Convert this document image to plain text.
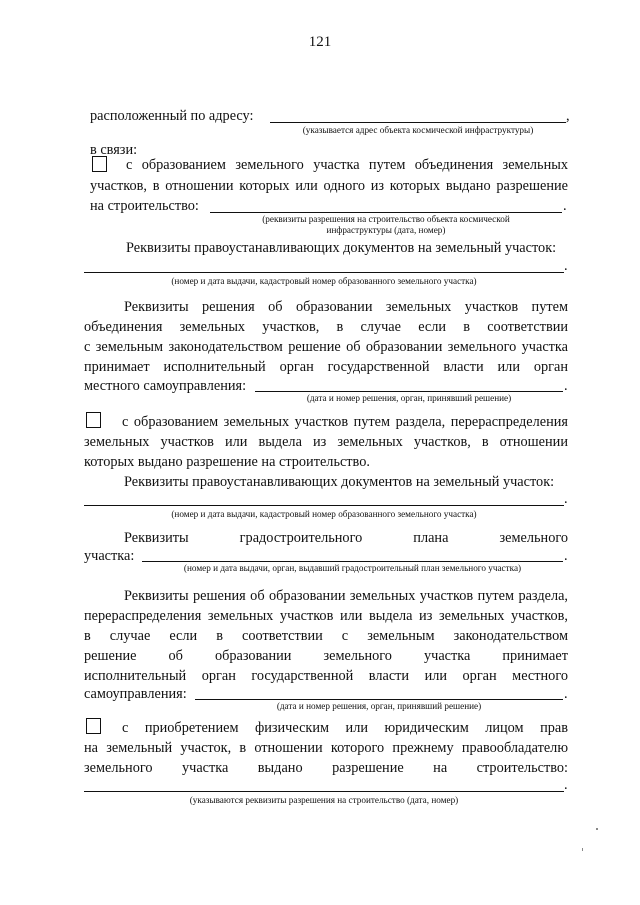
121
расположенный по адресу:	,
(указывается адрес объекта космической инфраструктуры)
в связи:
с образованием земельного участка путем объединения земельных
участков, в отношении которых или одного из которых выдано разрешение
на строительство:	.
(реквизиты разрешения на строительство объекта космической
инфраструктуры (дата, номер)
Реквизиты правоустанавливающих документов на земельный участок:
.
(номер и дата выдачи, кадастровый номер образованного земельного участка)
Реквизиты решения об образовании земельных участков путем
объединения земельных участков, в случае если в соответствии
с земельным законодательством решение об образовании земельного участка
принимает исполнительный орган государственной власти или орган
местного самоуправления:	.
(дата и номер решения, орган, принявший решение)
с образованием земельных участков путем раздела, перераспределения
земельных участков или выдела из земельных участков, в отношении
которых выдано разрешение на строительство.
Реквизиты правоустанавливающих документов на земельный участок:
.
(номер и дата выдачи, кадастровый номер образованного земельного участка)
Реквизиты градостроительного плана земельного
участка:	.
(номер и дата выдачи, орган, выдавший градостроительный план земельного участка)
Реквизиты решения об образовании земельных участков путем раздела,
перераспределения земельных участков или выдела из земельных участков,
в случае если в соответствии с земельным законодательством
решение об образовании земельного участка принимает
исполнительный орган государственной власти или орган местного
самоуправления:	.
(дата и номер решения, орган, принявший решение)
с приобретением физическим или юридическим лицом прав
на земельный участок, в отношении которого прежнему правообладателю
земельного участка выдано разрешение на строительство:
.
(указываются реквизиты разрешения на строительство (дата, номер)
